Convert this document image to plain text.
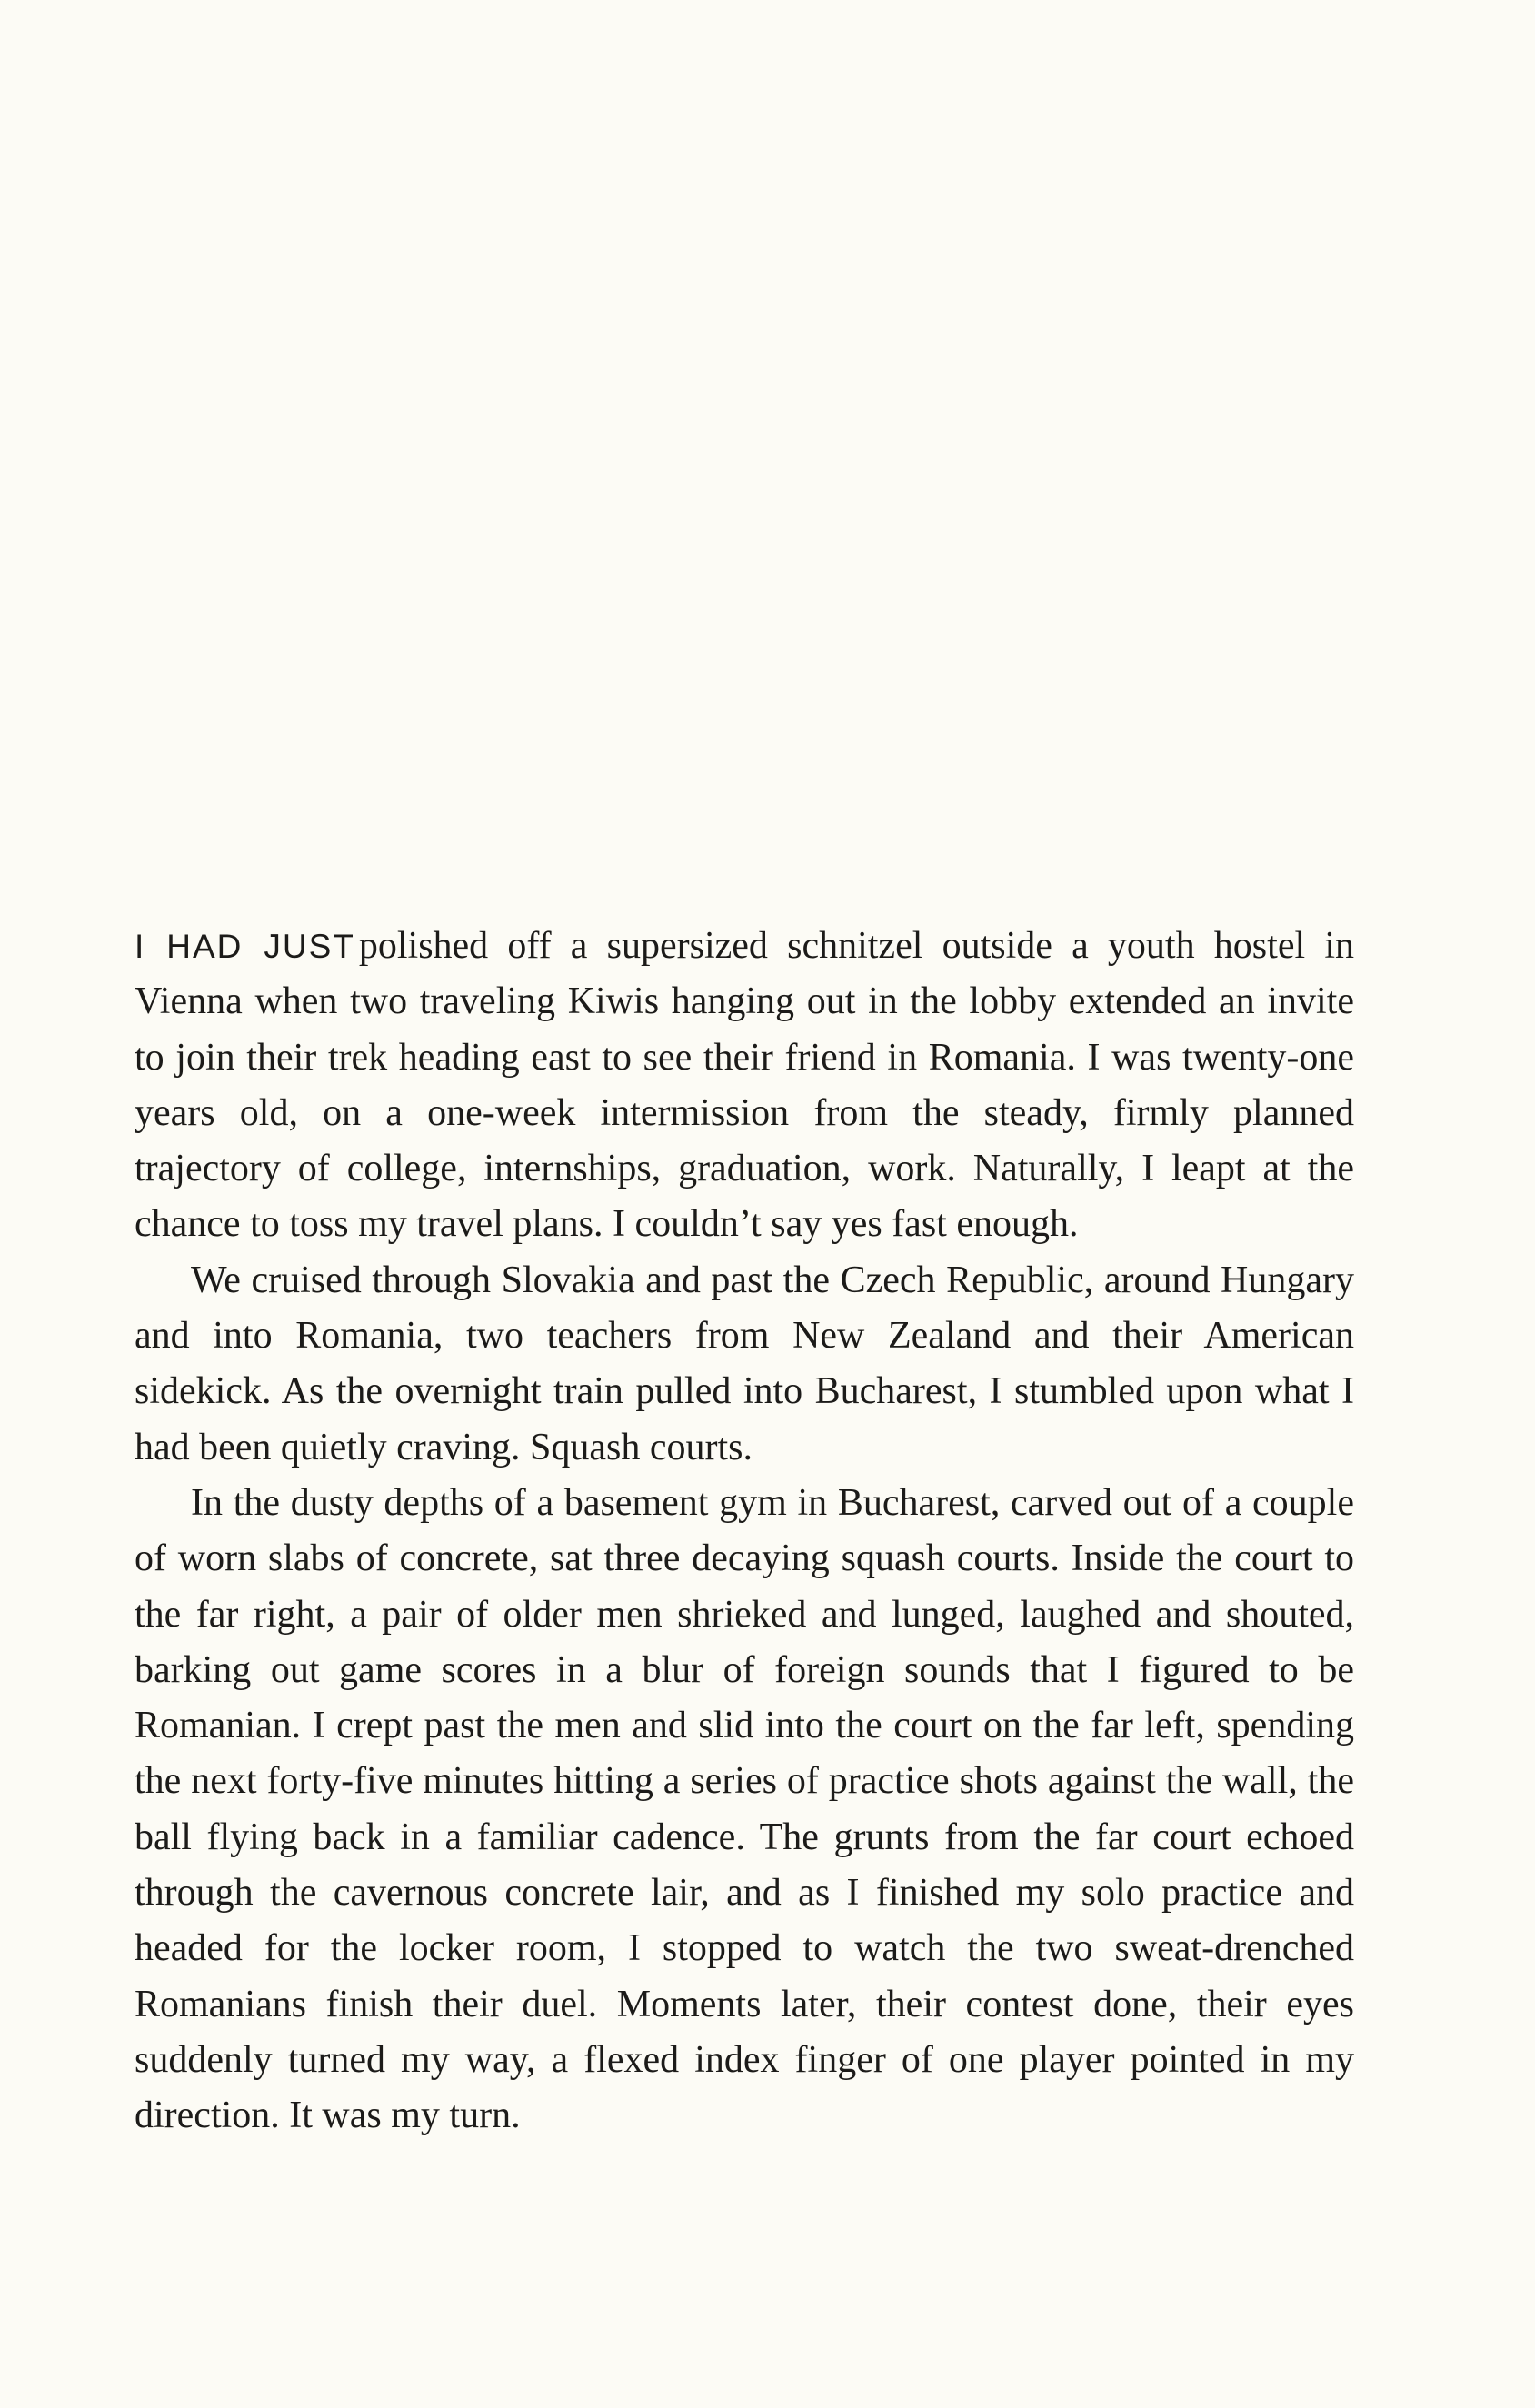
I HAD JUSTpolished off a supersized schnitzel outside a youth hostel in Vienna when two traveling Kiwis hanging out in the lobby extended an invite to join their trek heading east to see their friend in Romania. I was twenty-one years old, on a one-week intermission from the steady, firmly planned trajectory of college, internships, graduation, work. Naturally, I leapt at the chance to toss my travel plans. I couldn’t say yes fast enough.

We cruised through Slovakia and past the Czech Republic, around Hungary and into Romania, two teachers from New Zealand and their American sidekick. As the overnight train pulled into Bucharest, I stumbled upon what I had been quietly craving. Squash courts.

In the dusty depths of a basement gym in Bucharest, carved out of a couple of worn slabs of concrete, sat three decaying squash courts. Inside the court to the far right, a pair of older men shrieked and lunged, laughed and shouted, barking out game scores in a blur of foreign sounds that I figured to be Romanian. I crept past the men and slid into the court on the far left, spending the next forty-five minutes hitting a series of practice shots against the wall, the ball flying back in a familiar cadence. The grunts from the far court echoed through the cavernous concrete lair, and as I finished my solo practice and headed for the locker room, I stopped to watch the two sweat-drenched Romanians finish their duel. Moments later, their contest done, their eyes suddenly turned my way, a flexed index finger of one player pointed in my direction. It was my turn.
